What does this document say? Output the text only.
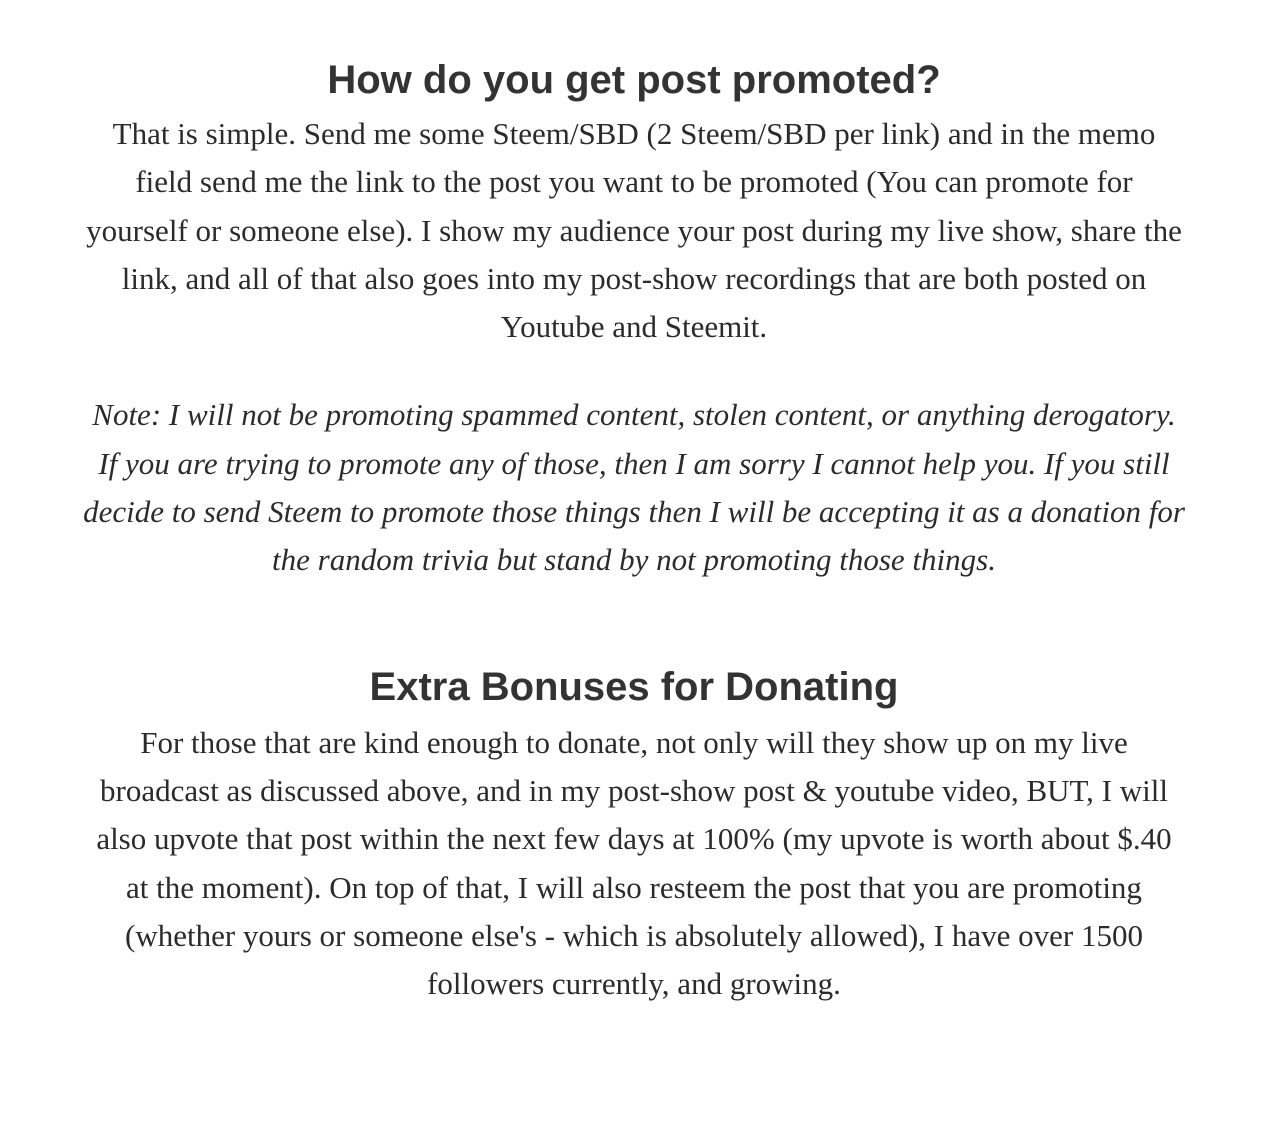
How do you get post promoted?

That is simple. Send me some Steem/SBD (2 Steem/SBD per link) and in the memo field send me the link to the post you want to be promoted (You can promote for yourself or someone else). I show my audience your post during my live show, share the link, and all of that also goes into my post-show recordings that are both posted on Youtube and Steemit.

Note: I will not be promoting spammed content, stolen content, or anything derogatory. If you are trying to promote any of those, then I am sorry I cannot help you. If you still decide to send Steem to promote those things then I will be accepting it as a donation for the random trivia but stand by not promoting those things.

Extra Bonuses for Donating

For those that are kind enough to donate, not only will they show up on my live broadcast as discussed above, and in my post-show post & youtube video, BUT, I will also upvote that post within the next few days at 100% (my upvote is worth about $.40 at the moment). On top of that, I will also resteem the post that you are promoting (whether yours or someone else's - which is absolutely allowed), I have over 1500 followers currently, and growing.
